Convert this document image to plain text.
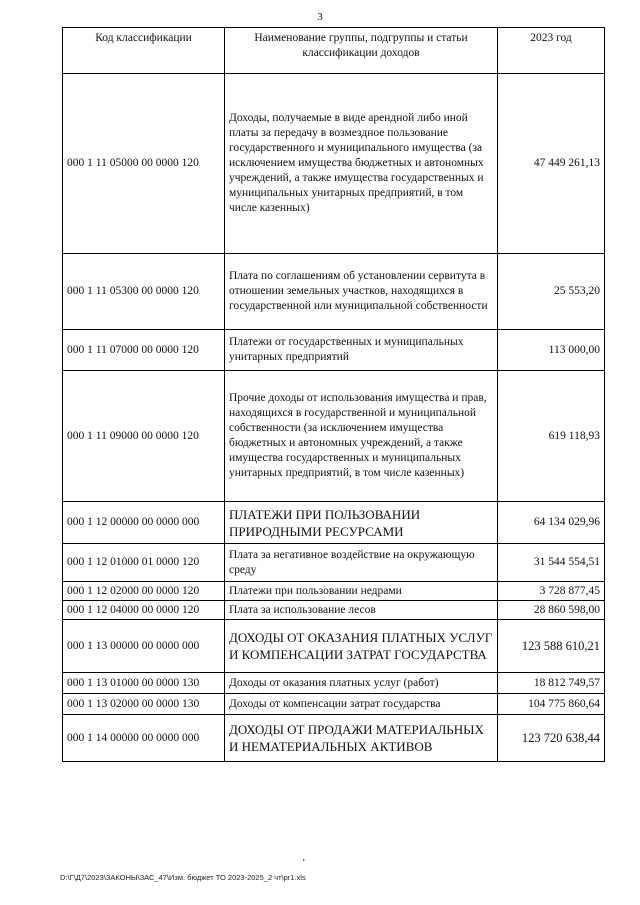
3
Код классификации	Наименование группы, подгруппы и статьи классификации доходов	2023 год
000 1 11 05000 00 0000 120	Доходы, получаемые в виде арендной либо иной платы за передачу в возмездное пользование государственного и муниципального имущества (за исключением имущества бюджетных и автономных учреждений, а также имущества государственных и муниципальных унитарных предприятий, в том числе казенных)	47 449 261,13
000 1 11 05300 00 0000 120	Плата по соглашениям об установлении сервитута в отношении земельных участков, находящихся в государственной или муниципальной собственности	25 553,20
000 1 11 07000 00 0000 120	Платежи от государственных и муниципальных унитарных предприятий	113 000,00
000 1 11 09000 00 0000 120	Прочие доходы от использования имущества и прав, находящихся в государственной и муниципальной собственности (за исключением имущества бюджетных и автономных учреждений, а также имущества государственных и муниципальных унитарных предприятий, в том числе казенных)	619 118,93
000 1 12 00000 00 0000 000	ПЛАТЕЖИ ПРИ ПОЛЬЗОВАНИИ ПРИРОДНЫМИ РЕСУРСАМИ	64 134 029,96
000 1 12 01000 01 0000 120	Плата за негативное воздействие на окружающую среду	31 544 554,51
000 1 12 02000 00 0000 120	Платежи при пользовании недрами	3 728 877,45
000 1 12 04000 00 0000 120	Плата за использование лесов	28 860 598,00
000 1 13 00000 00 0000 000	ДОХОДЫ ОТ ОКАЗАНИЯ ПЛАТНЫХ УСЛУГ И КОМПЕНСАЦИИ ЗАТРАТ ГОСУДАРСТВА	123 588 610,21
000 1 13 01000 00 0000 130	Доходы от оказания платных услуг (работ)	18 812 749,57
000 1 13 02000 00 0000 130	Доходы от компенсации затрат государства	104 775 860,64
000 1 14 00000 00 0000 000	ДОХОДЫ ОТ ПРОДАЖИ МАТЕРИАЛЬНЫХ И НЕМАТЕРИАЛЬНЫХ АКТИВОВ	123 720 638,44
’
D:\Г\Д7\2023\ЗАКОНЫ\ЗАС_47\Изм. бюджет ТО 2023-2025_2 чт\pr1.xls
